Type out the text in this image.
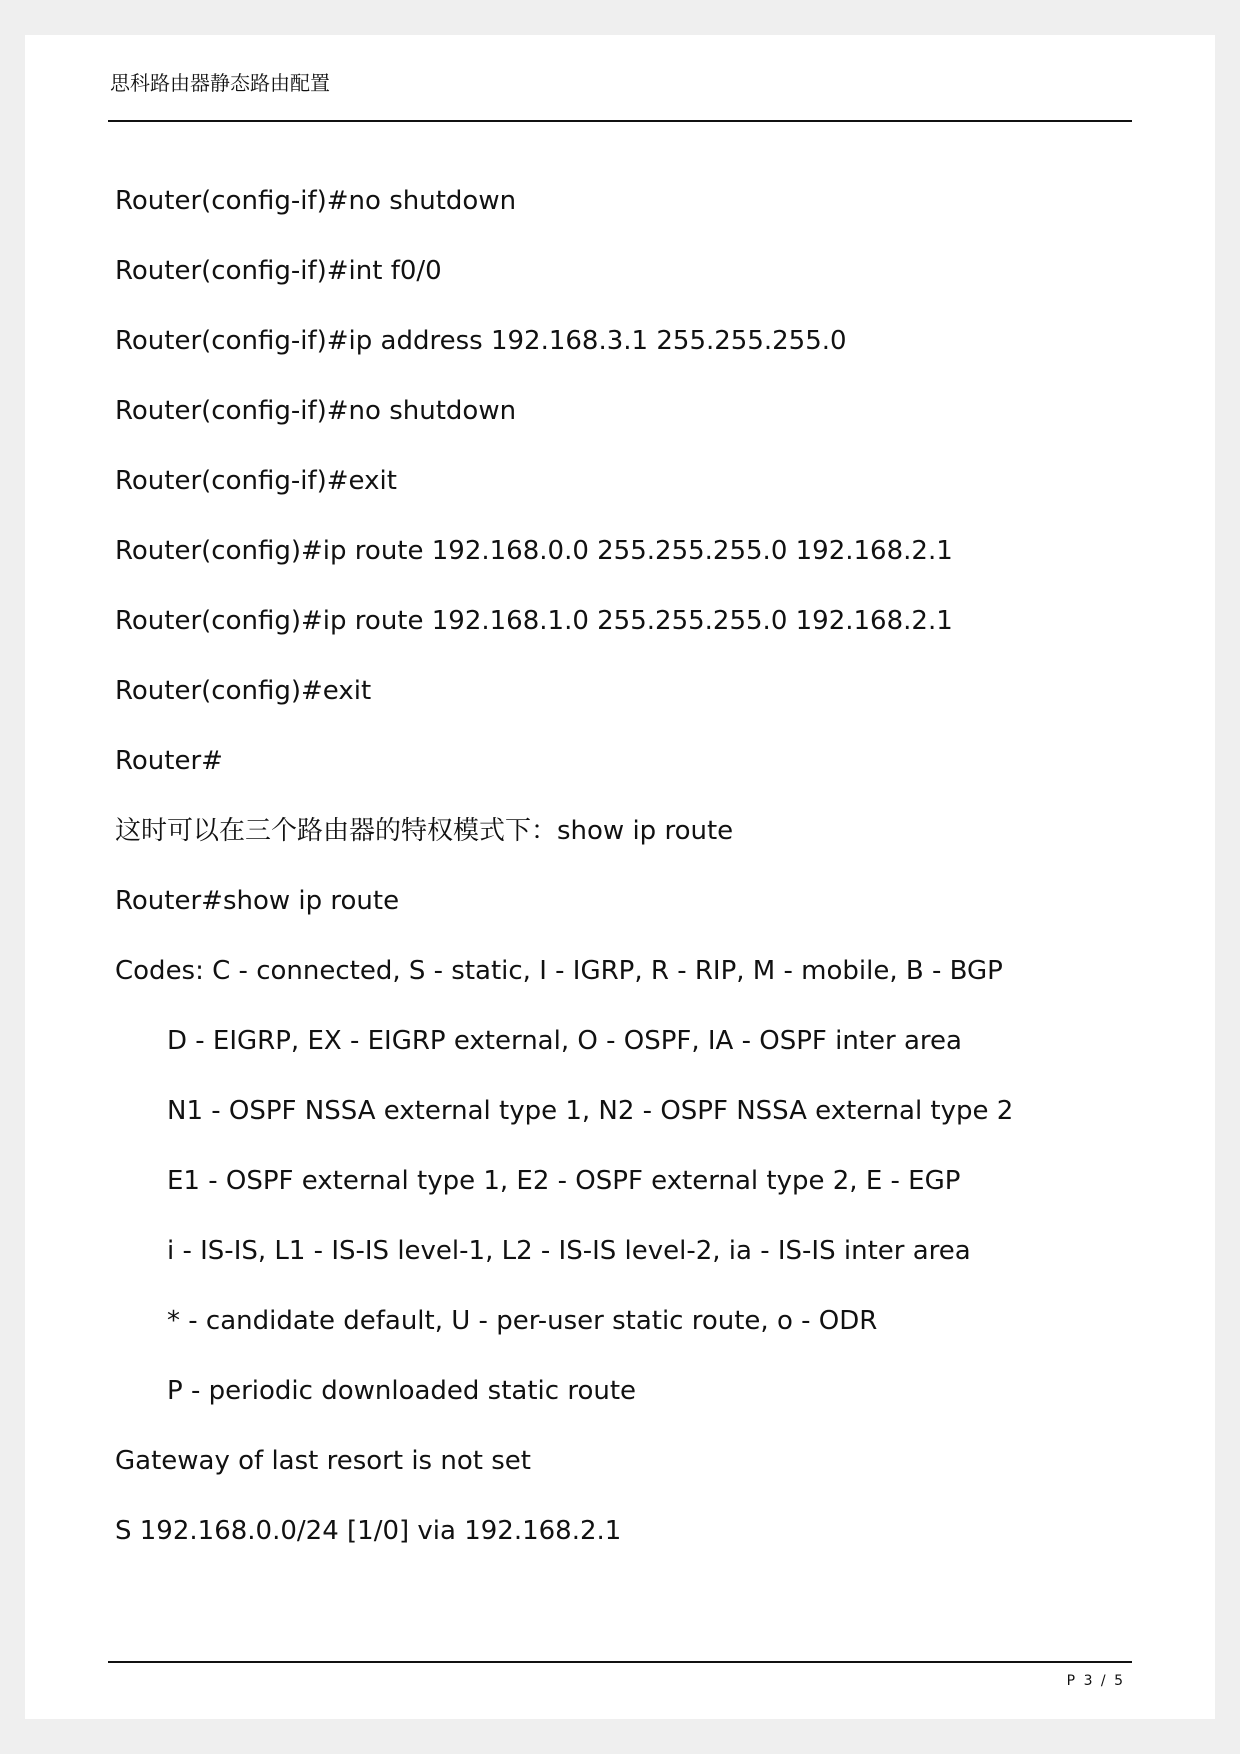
思科路由器静态路由配置
Router(config-if)#no shutdown
Router(config-if)#int f0/0
Router(config-if)#ip address 192.168.3.1 255.255.255.0
Router(config-if)#no shutdown
Router(config-if)#exit
Router(config)#ip route 192.168.0.0 255.255.255.0 192.168.2.1
Router(config)#ip route 192.168.1.0 255.255.255.0 192.168.2.1
Router(config)#exit
Router#
这时可以在三个路由器的特权模式下：show ip route
Router#show ip route
Codes: C - connected, S - static, I - IGRP, R - RIP, M - mobile, B - BGP
D - EIGRP, EX - EIGRP external, O - OSPF, IA - OSPF inter area
N1 - OSPF NSSA external type 1, N2 - OSPF NSSA external type 2
E1 - OSPF external type 1, E2 - OSPF external type 2, E - EGP
i - IS-IS, L1 - IS-IS level-1, L2 - IS-IS level-2, ia - IS-IS inter area
* - candidate default, U - per-user static route, o - ODR
P - periodic downloaded static route
Gateway of last resort is not set
S 192.168.0.0/24 [1/0] via 192.168.2.1
P 3 / 5
